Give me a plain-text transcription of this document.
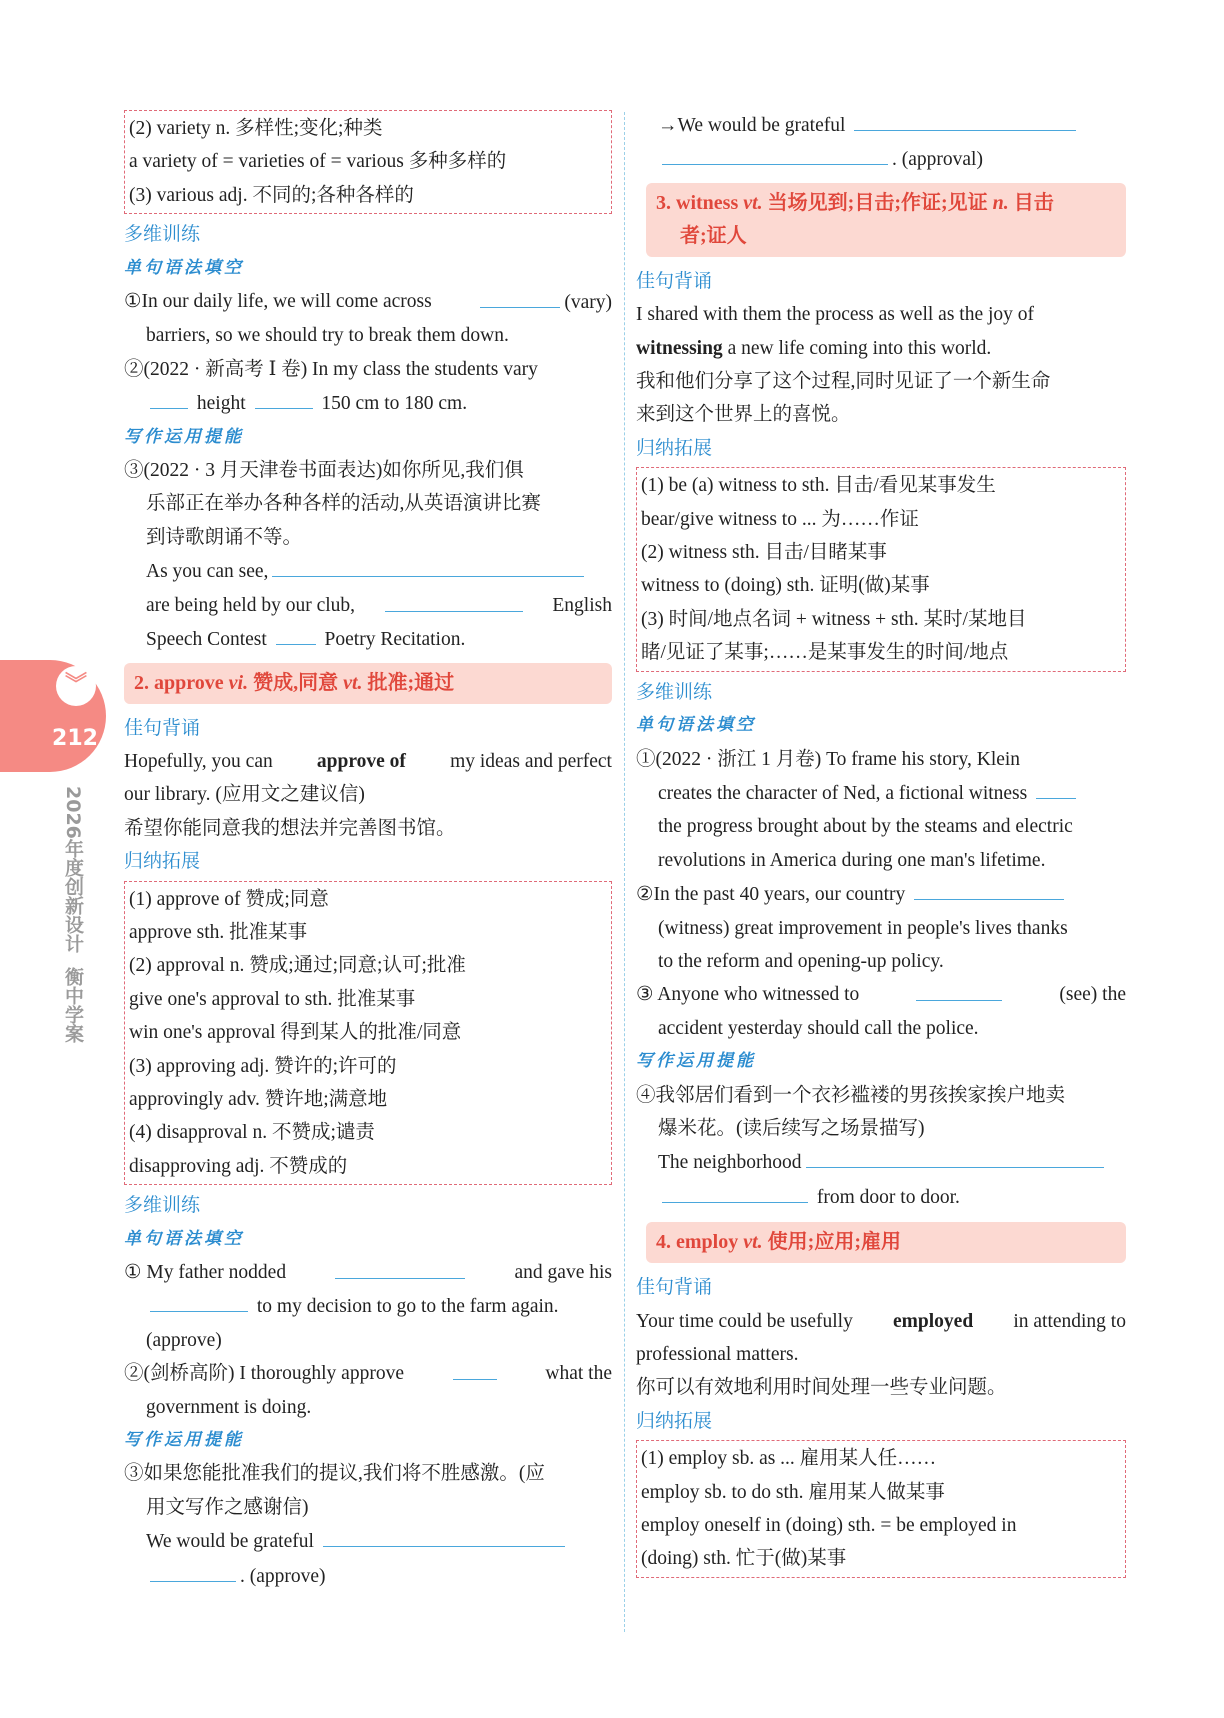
︾
212
2026年度创新设计
衡中学案
(2) variety n. 多样性;变化;种类
a variety of = varieties of = various 多种多样的
(3) various adj. 不同的;各种各样的
多维训练
单句语法填空
①In our daily life, we will come across	(vary)
barriers, so we should try to break them down.
②(2022 · 新高考 Ⅰ 卷) In my class the students vary
height	150 cm to 180 cm.
写作运用提能
③(2022 · 3 月天津卷书面表达)如你所见,我们俱
乐部正在举办各种各样的活动,从英语演讲比赛
到诗歌朗诵不等。
As you can see,
are being held by our club,	English
Speech Contest	Poetry Recitation.
2. approve vi. 赞成,同意 vt. 批准;通过
佳句背诵
Hopefully, you can approve of my ideas and perfect
our library. (应用文之建议信)
希望你能同意我的想法并完善图书馆。
归纳拓展
(1) approve of 赞成;同意
approve sth. 批准某事
(2) approval n. 赞成;通过;同意;认可;批准
give one's approval to sth. 批准某事
win one's approval 得到某人的批准/同意
(3) approving adj. 赞许的;许可的
approvingly adv. 赞许地;满意地
(4) disapproval n. 不赞成;谴责
disapproving adj. 不赞成的
多维训练
单句语法填空
① My father nodded	and gave his
to my decision to go to the farm again.
(approve)
②(剑桥高阶) I thoroughly approve	what the
government is doing.
写作运用提能
③如果您能批准我们的提议,我们将不胜感激。(应
用文写作之感谢信)
We would be grateful
. (approve)
→We would be grateful
. (approval)
3. witness vt. 当场见到;目击;作证;见证 n. 目击
者;证人
佳句背诵
I shared with them the process as well as the joy of
witnessing a new life coming into this world.
我和他们分享了这个过程,同时见证了一个新生命
来到这个世界上的喜悦。
归纳拓展
(1) be (a) witness to sth. 目击/看见某事发生
bear/give witness to ... 为……作证
(2) witness sth. 目击/目睹某事
witness to (doing) sth. 证明(做)某事
(3) 时间/地点名词 + witness + sth. 某时/某地目
睹/见证了某事;……是某事发生的时间/地点
多维训练
单句语法填空
①(2022 · 浙江 1 月卷) To frame his story, Klein
creates the character of Ned, a fictional witness
the progress brought about by the steams and electric
revolutions in America during one man's lifetime.
②In the past 40 years, our country
(witness) great improvement in people's lives thanks
to the reform and opening-up policy.
③ Anyone who witnessed to	(see) the
accident yesterday should call the police.
写作运用提能
④我邻居们看到一个衣衫褴褛的男孩挨家挨户地卖
爆米花。(读后续写之场景描写)
The neighborhood
from door to door.
4. employ vt. 使用;应用;雇用
佳句背诵
Your time could be usefully employed in attending to
professional matters.
你可以有效地利用时间处理一些专业问题。
归纳拓展
(1) employ sb. as ... 雇用某人任……
employ sb. to do sth. 雇用某人做某事
employ oneself in (doing) sth. = be employed in
(doing) sth. 忙于(做)某事
